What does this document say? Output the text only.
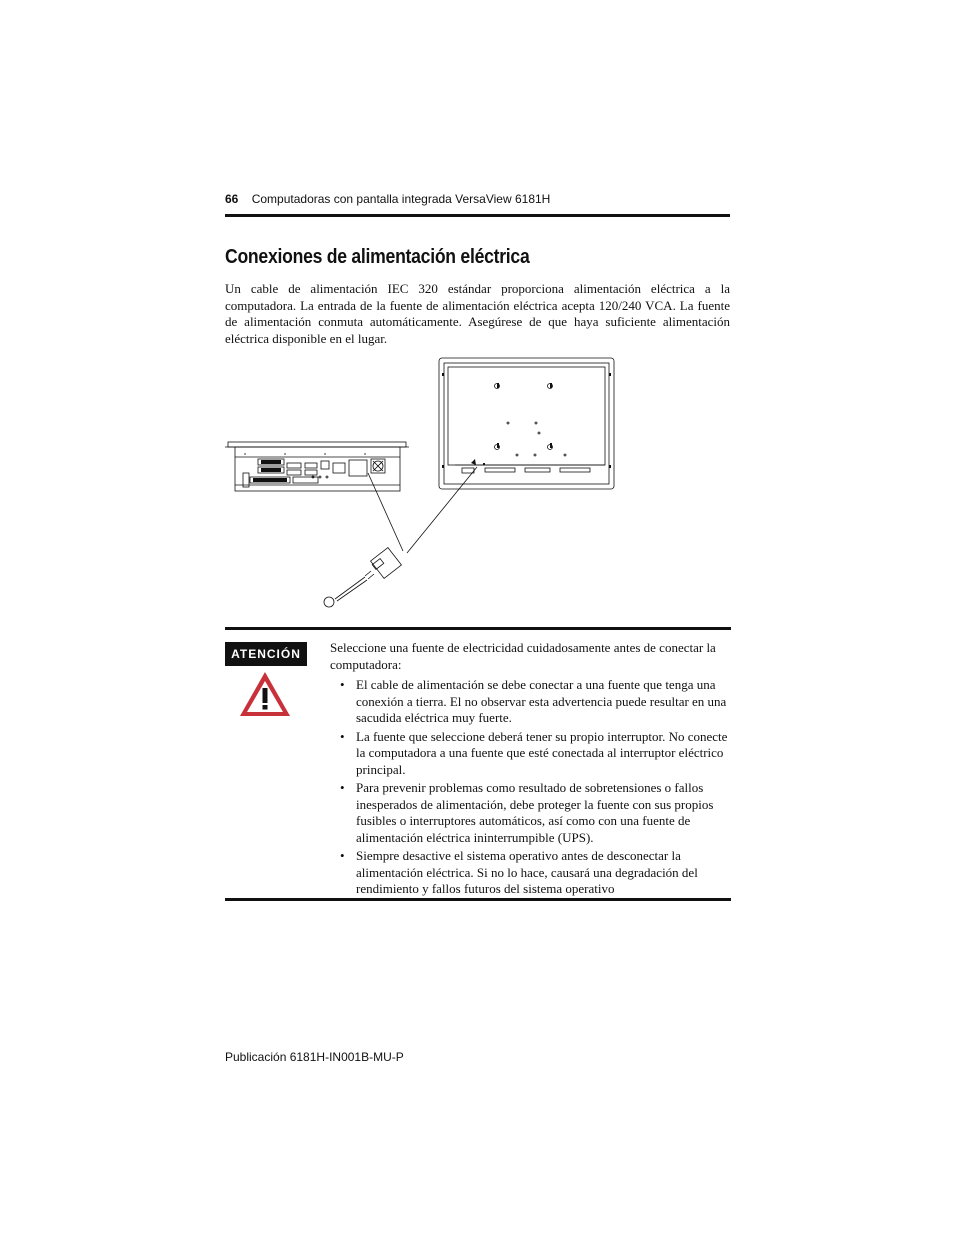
66 Computadoras con pantalla integrada VersaView 6181H
Conexiones de alimentación eléctrica

Un cable de alimentación IEC 320 estándar proporciona alimentación eléctrica a la computadora. La entrada de la fuente de alimentación eléctrica acepta 120/240 VCA. La fuente de alimentación conmuta automáticamente. Asegúrese de que haya suficiente alimentación eléctrica disponible en el lugar.

ATENCIÓN	Seleccione una fuente de electricidad cuidadosamente antes de conectar la computadora:

• El cable de alimentación se debe conectar a una fuente que tenga una conexión a tierra. El no observar esta advertencia puede resultar en una sacudida eléctrica muy fuerte.
• La fuente que seleccione deberá tener su propio interruptor. No conecte la computadora a una fuente que esté conectada al interruptor eléctrico principal.
• Para prevenir problemas como resultado de sobretensiones o fallos inesperados de alimentación, debe proteger la fuente con sus propios fusibles o interruptores automáticos, así como con una fuente de alimentación eléctrica ininterrumpible (UPS).
• Siempre desactive el sistema operativo antes de desconectar la alimentación eléctrica. Si no lo hace, causará una degradación del rendimiento y fallos futuros del sistema operativo
Publicación 6181H-IN001B-MU-P
